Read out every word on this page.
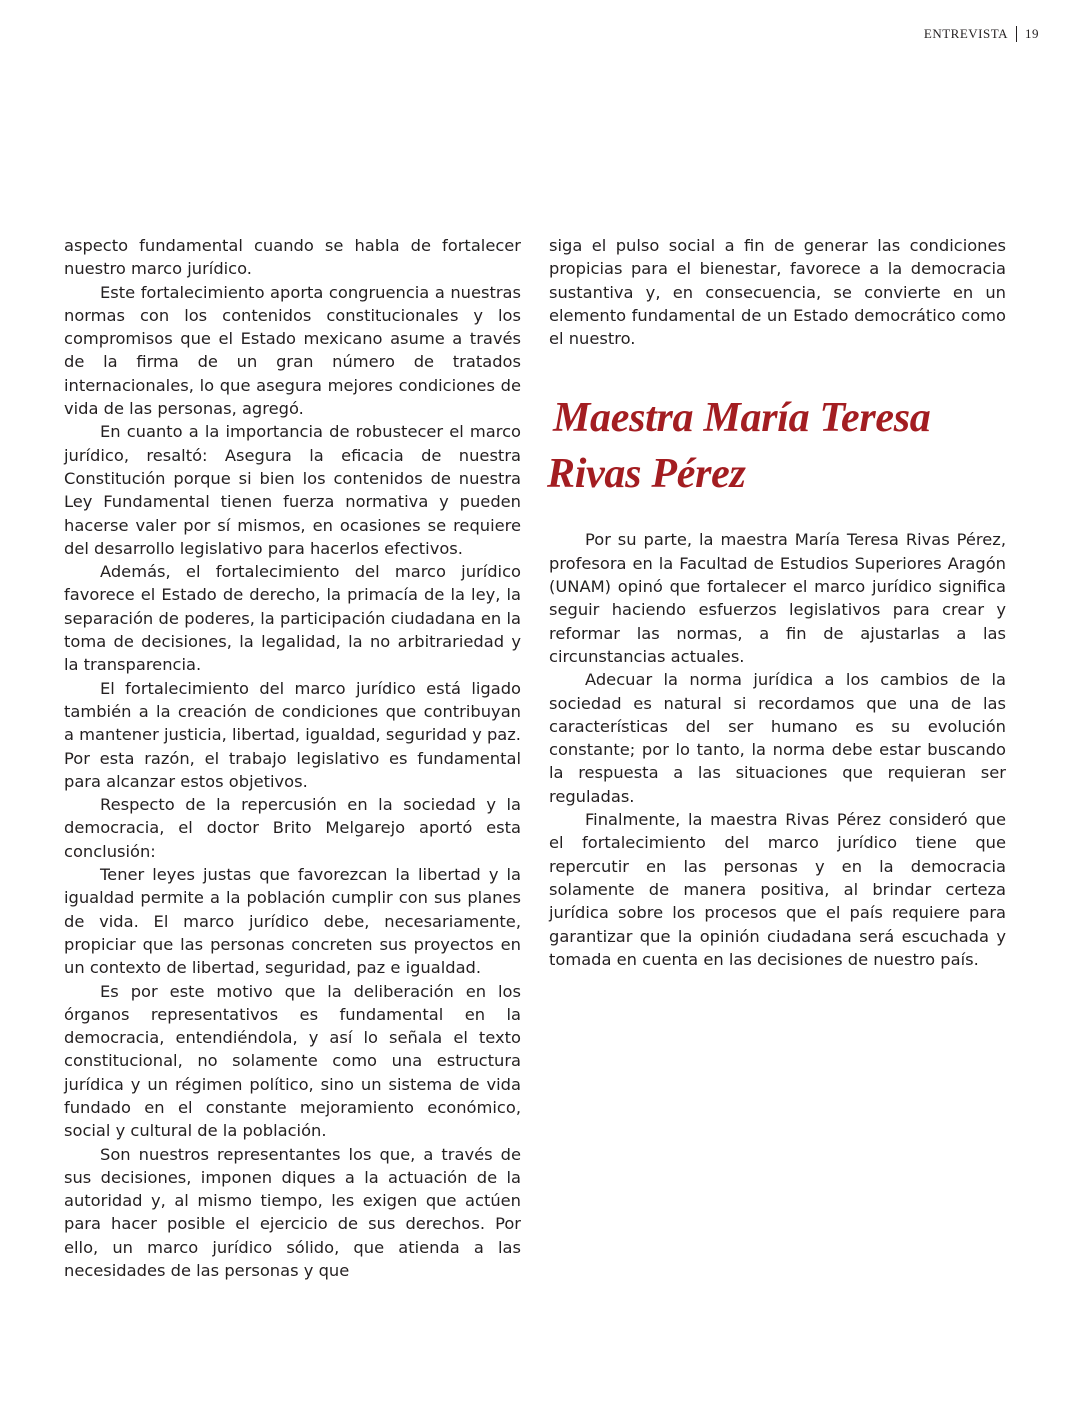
ENTREVISTA 19

aspecto fundamental cuando se habla de fortalecer nuestro marco jurídico.

Este fortalecimiento aporta congruencia a nuestras normas con los contenidos constitucionales y los compromisos que el Estado mexicano asume a través de la firma de un gran número de tratados internacionales, lo que asegura mejores condiciones de vida de las personas, agregó.

En cuanto a la importancia de robustecer el marco jurídico, resaltó: Asegura la eficacia de nuestra Constitución porque si bien los contenidos de nuestra Ley Fundamental tienen fuerza normativa y pueden hacerse valer por sí mismos, en ocasiones se requiere del desarrollo legislativo para hacerlos efectivos.

Además, el fortalecimiento del marco jurídico favorece el Estado de derecho, la primacía de la ley, la separación de poderes, la participación ciudadana en la toma de decisiones, la legalidad, la no arbitrariedad y la transparencia.

El fortalecimiento del marco jurídico está ligado también a la creación de condiciones que contribuyan a mantener justicia, libertad, igualdad, seguridad y paz. Por esta razón, el trabajo legislativo es fundamental para alcanzar estos objetivos.

Respecto de la repercusión en la sociedad y la democracia, el doctor Brito Melgarejo aportó esta conclusión:

Tener leyes justas que favorezcan la libertad y la igualdad permite a la población cumplir con sus planes de vida. El marco jurídico debe, necesariamente, propiciar que las personas concreten sus proyectos en un contexto de libertad, seguridad, paz e igualdad.

Es por este motivo que la deliberación en los órganos representativos es fundamental en la democracia, entendiéndola, y así lo señala el texto constitucional, no solamente como una estructura jurídica y un régimen político, sino un sistema de vida fundado en el constante mejoramiento económico, social y cultural de la población.

Son nuestros representantes los que, a través de sus decisiones, imponen diques a la actuación de la autoridad y, al mismo tiempo, les exigen que actúen para hacer posible el ejercicio de sus derechos. Por ello, un marco jurídico sólido, que atienda a las necesidades de las personas y que

siga el pulso social a fin de generar las condiciones propicias para el bienestar, favorece a la democracia sustantiva y, en consecuencia, se convierte en un elemento fundamental de un Estado democrático como el nuestro.

Maestra María Teresa
Rivas Pérez

Por su parte, la maestra María Teresa Rivas Pérez, profesora en la Facultad de Estudios Superiores Aragón (UNAM) opinó que fortalecer el marco jurídico significa seguir haciendo esfuerzos legislativos para crear y reformar las normas, a fin de ajustarlas a las circunstancias actuales.

Adecuar la norma jurídica a los cambios de la sociedad es natural si recordamos que una de las características del ser humano es su evolución constante; por lo tanto, la norma debe estar buscando la respuesta a las situaciones que requieran ser reguladas.

Finalmente, la maestra Rivas Pérez consideró que el fortalecimiento del marco jurídico tiene que repercutir en las personas y en la democracia solamente de manera positiva, al brindar certeza jurídica sobre los procesos que el país requiere para garantizar que la opinión ciudadana será escuchada y tomada en cuenta en las decisiones de nuestro país.
